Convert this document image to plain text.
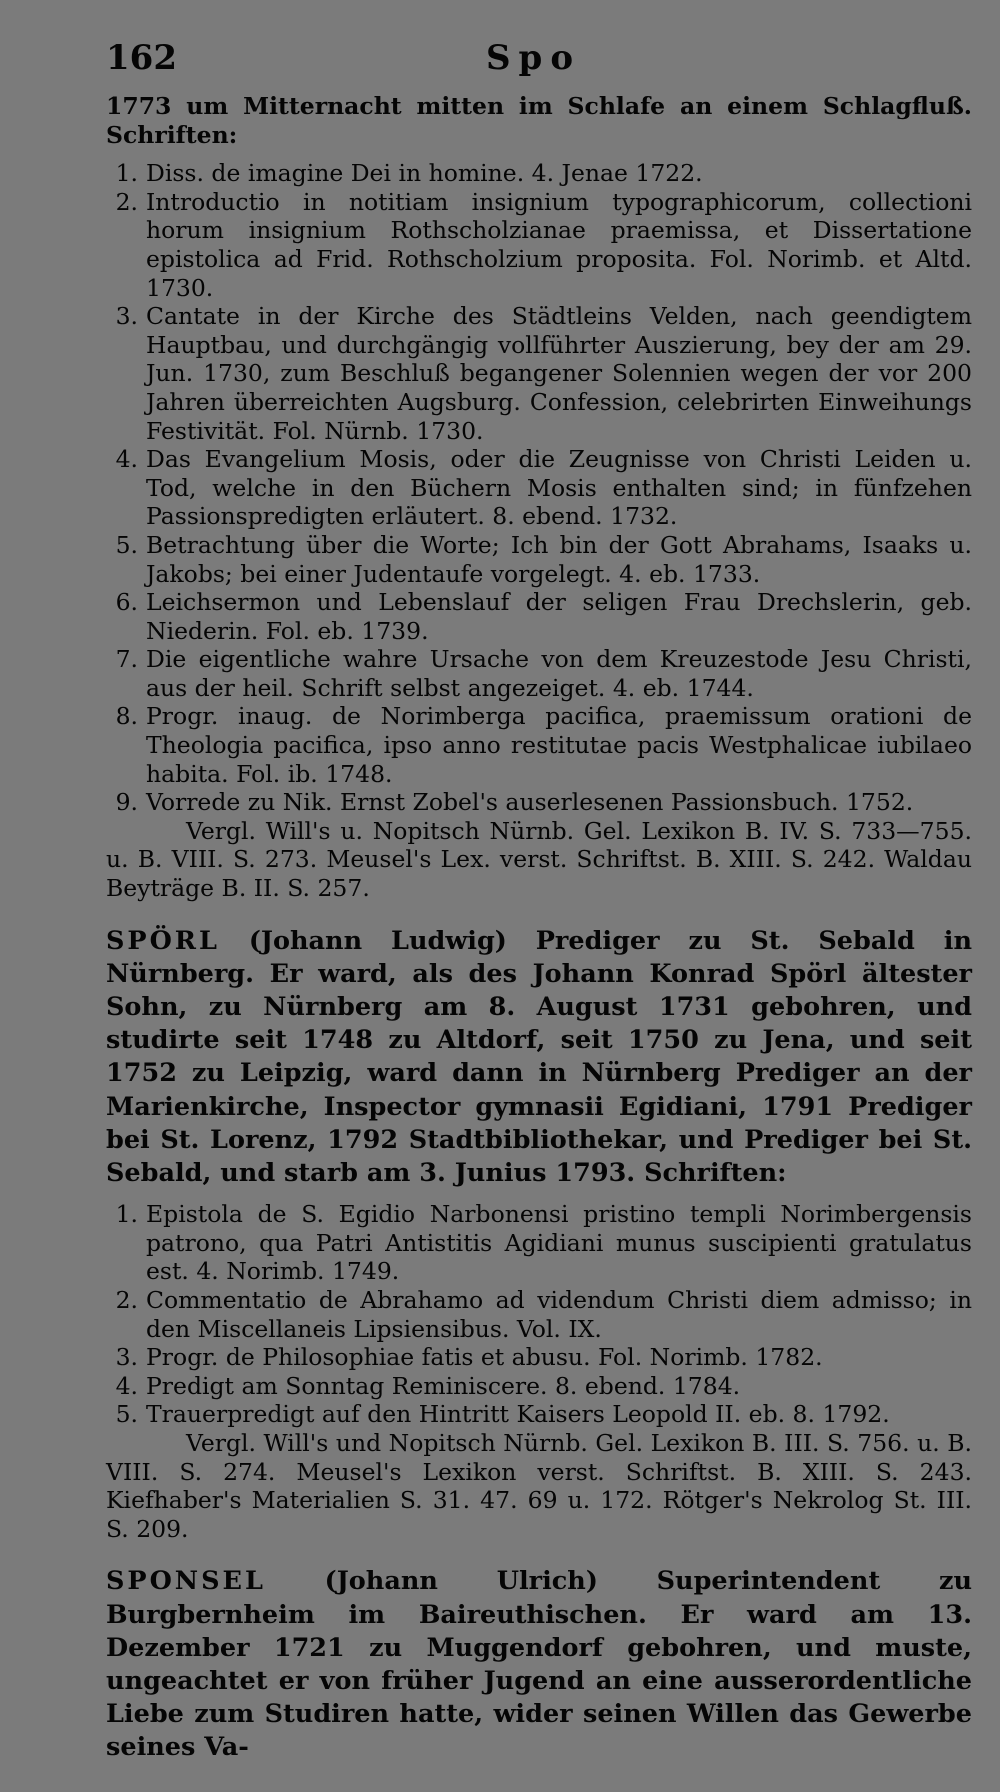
162	Spo

1773 um Mitternacht mitten im Schlafe an einem Schlagfluß. Schriften:

1. Diss. de imagine Dei in homine. 4. Jenae 1722.
2. Introductio in notitiam insignium typographicorum, collectioni horum insignium Rothscholzianae praemissa, et Dissertatione epistolica ad Frid. Rothscholzium proposita. Fol. Norimb. et Altd. 1730.
3. Cantate in der Kirche des Städtleins Velden, nach geendigtem Hauptbau, und durchgängig vollführter Auszierung, bey der am 29. Jun. 1730, zum Beschluß begangener Solennien wegen der vor 200 Jahren überreichten Augsburg. Confession, celebrirten Einweihungs Festivität. Fol. Nürnb. 1730.
4. Das Evangelium Mosis, oder die Zeugnisse von Christi Leiden u. Tod, welche in den Büchern Mosis enthalten sind; in fünfzehen Passionspredigten erläutert. 8. ebend. 1732.
5. Betrachtung über die Worte; Ich bin der Gott Abrahams, Isaaks u. Jakobs; bei einer Judentaufe vorgelegt. 4. eb. 1733.
6. Leichsermon und Lebenslauf der seligen Frau Drechslerin, geb. Niederin. Fol. eb. 1739.
7. Die eigentliche wahre Ursache von dem Kreuzestode Jesu Christi, aus der heil. Schrift selbst angezeiget. 4. eb. 1744.
8. Progr. inaug. de Norimberga pacifica, praemissum orationi de Theologia pacifica, ipso anno restitutae pacis Westphalicae iubilaeo habita. Fol. ib. 1748.
9. Vorrede zu Nik. Ernst Zobel's auserlesenen Passionsbuch. 1752.

Vergl. Will's u. Nopitsch Nürnb. Gel. Lexikon B. IV. S. 733—755. u. B. VIII. S. 273. Meusel's Lex. verst. Schriftst. B. XIII. S. 242. Waldau Beyträge B. II. S. 257.

SPÖRL (Johann Ludwig) Prediger zu St. Sebald in Nürnberg. Er ward, als des Johann Konrad Spörl ältester Sohn, zu Nürnberg am 8. August 1731 gebohren, und studirte seit 1748 zu Altdorf, seit 1750 zu Jena, und seit 1752 zu Leipzig, ward dann in Nürnberg Prediger an der Marienkirche, Inspector gymnasii Egidiani, 1791 Prediger bei St. Lorenz, 1792 Stadtbibliothekar, und Prediger bei St. Sebald, und starb am 3. Junius 1793. Schriften:

1. Epistola de S. Egidio Narbonensi pristino templi Norimbergensis patrono, qua Patri Antistitis Agidiani munus suscipienti gratulatus est. 4. Norimb. 1749.
2. Commentatio de Abrahamo ad videndum Christi diem admisso; in den Miscellaneis Lipsiensibus. Vol. IX.
3. Progr. de Philosophiae fatis et abusu. Fol. Norimb. 1782.
4. Predigt am Sonntag Reminiscere. 8. ebend. 1784.
5. Trauerpredigt auf den Hintritt Kaisers Leopold II. eb. 8. 1792.

Vergl. Will's und Nopitsch Nürnb. Gel. Lexikon B. III. S. 756. u. B. VIII. S. 274. Meusel's Lexikon verst. Schriftst. B. XIII. S. 243. Kiefhaber's Materialien S. 31. 47. 69 u. 172. Rötger's Nekrolog St. III. S. 209.

SPONSEL (Johann Ulrich) Superintendent zu Burgbernheim im Baireuthischen. Er ward am 13. Dezember 1721 zu Muggendorf gebohren, und muste, ungeachtet er von früher Jugend an eine ausserordentliche Liebe zum Studiren hatte, wider seinen Willen das Gewerbe seines Va-
